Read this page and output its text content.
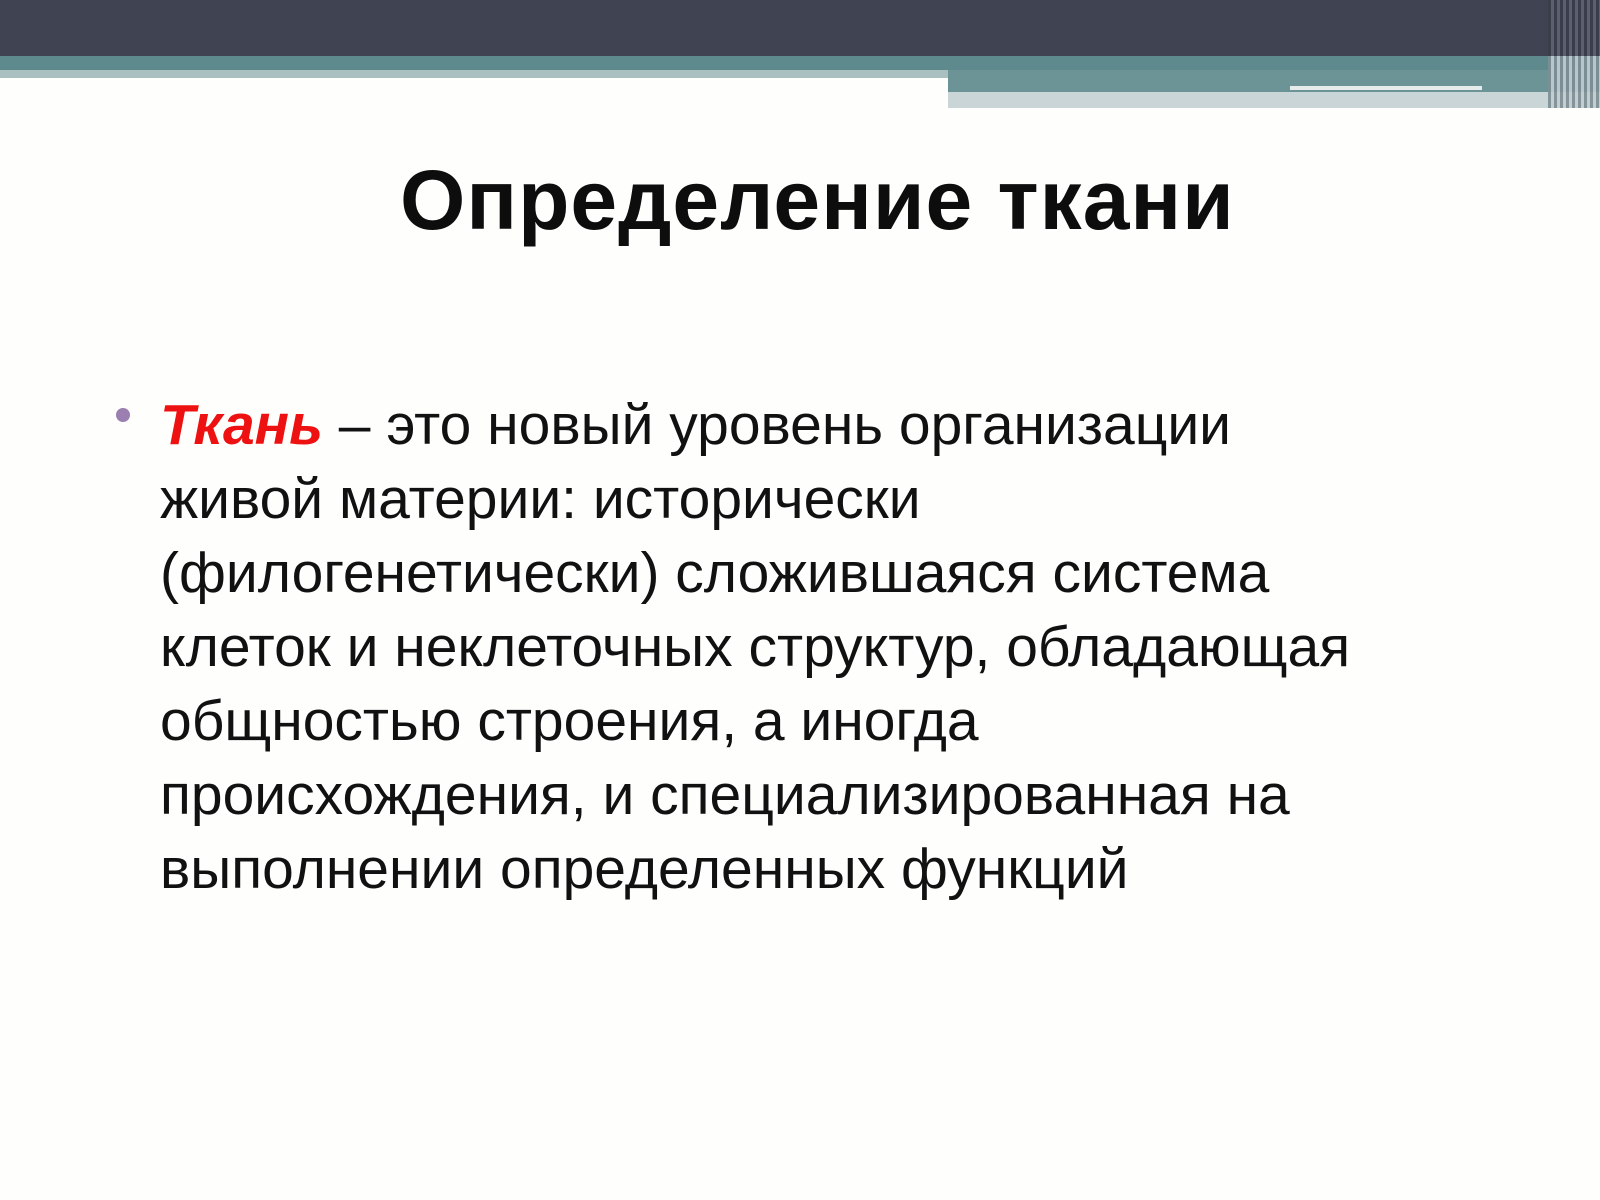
Определение ткани
Ткань – это новый уровень организации
живой материи: исторически
(филогенетически) сложившаяся система
клеток и неклеточных структур, обладающая
общностью строения, а иногда
происхождения, и специализированная на
выполнении определенных функций
